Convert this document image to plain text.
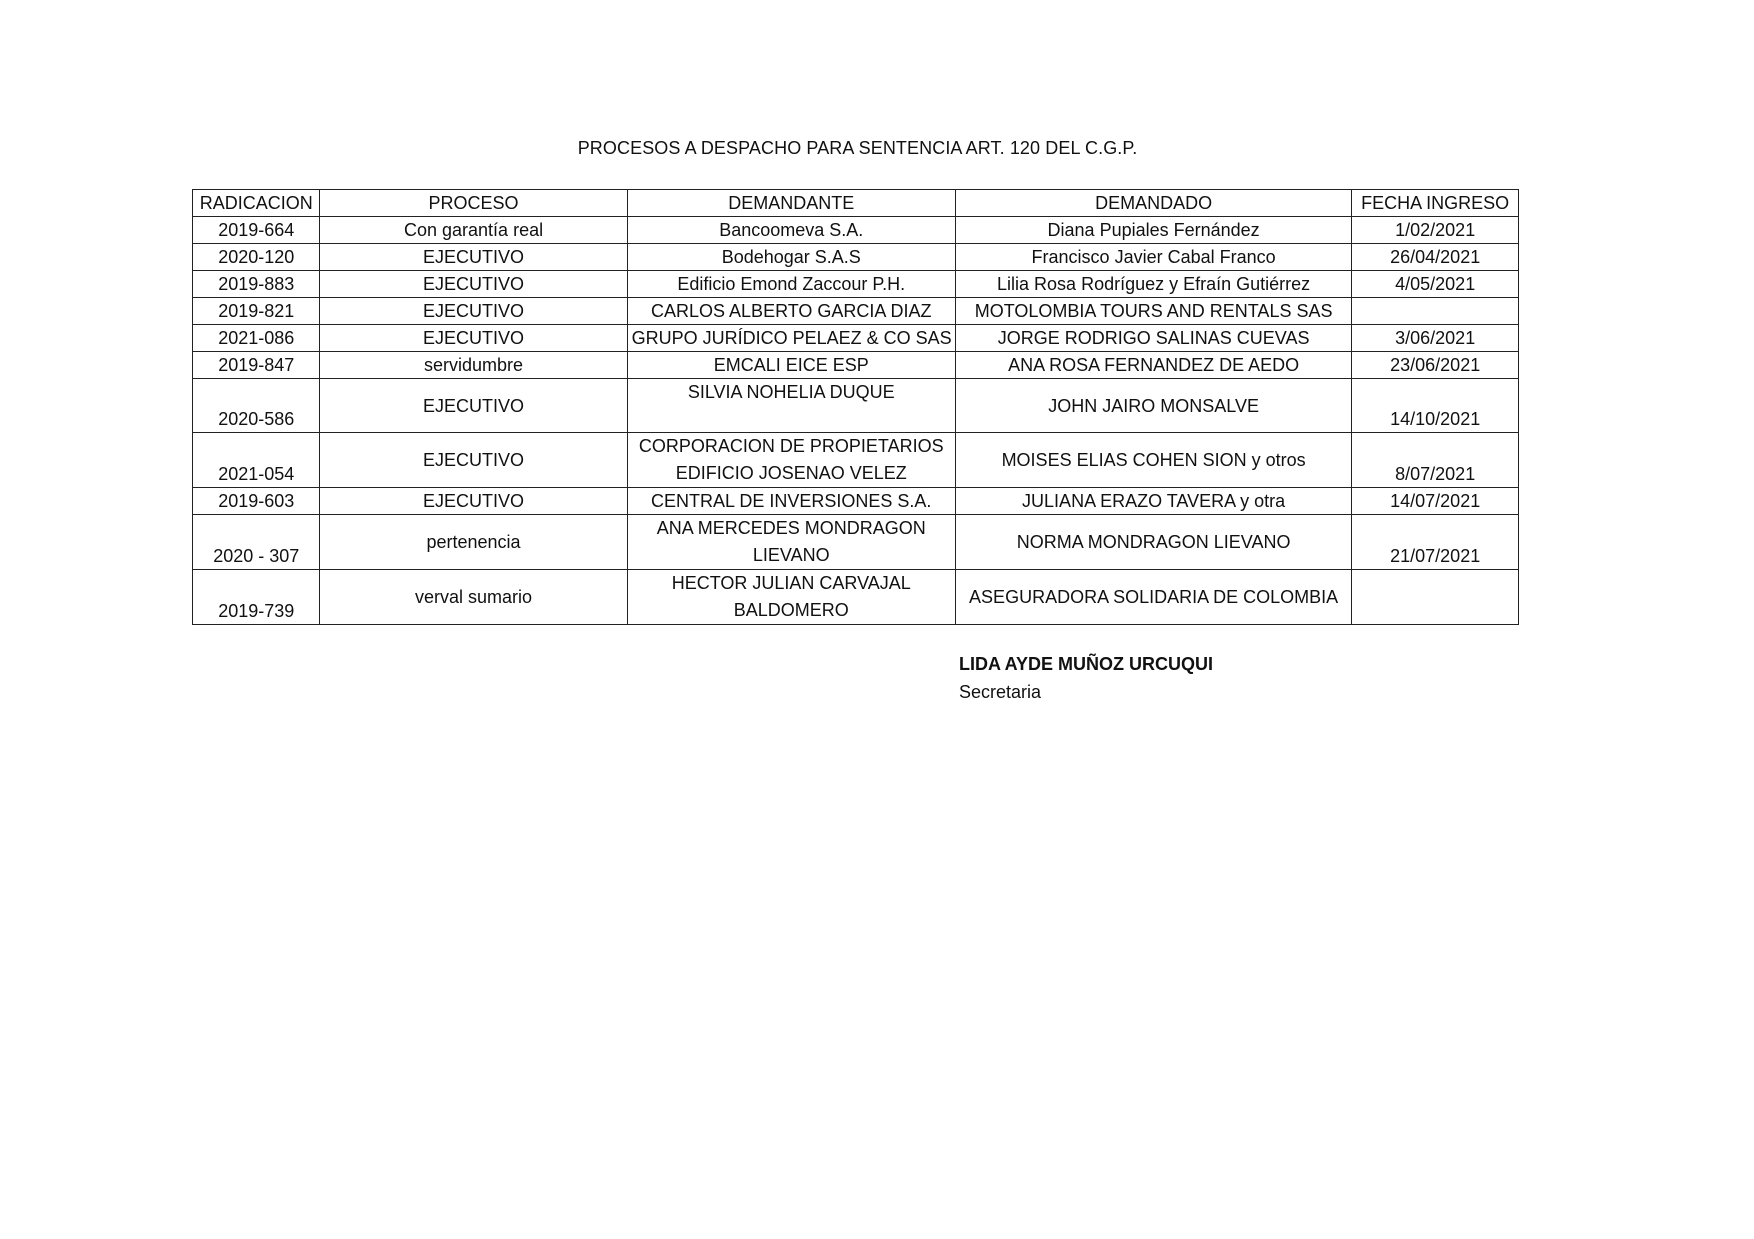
PROCESOS A DESPACHO PARA SENTENCIA ART. 120 DEL C.G.P.
RADICACION	PROCESO	DEMANDANTE	DEMANDADO	FECHA INGRESO
2019-664	Con garantía real	Bancoomeva S.A.	Diana Pupiales Fernández	1/02/2021
2020-120	EJECUTIVO	Bodehogar S.A.S	Francisco Javier Cabal Franco	26/04/2021
2019-883	EJECUTIVO	Edificio Emond Zaccour P.H.	Lilia Rosa Rodríguez y Efraín Gutiérrez	4/05/2021
2019-821	EJECUTIVO	CARLOS ALBERTO GARCIA DIAZ	MOTOLOMBIA TOURS AND RENTALS SAS	
2021-086	EJECUTIVO	GRUPO JURÍDICO PELAEZ & CO SAS	JORGE RODRIGO SALINAS CUEVAS	3/06/2021
2019-847	servidumbre	EMCALI EICE ESP	ANA ROSA FERNANDEZ DE AEDO	23/06/2021
2020-586	EJECUTIVO	SILVIA NOHELIA DUQUE	JOHN JAIRO MONSALVE	14/10/2021
2021-054	EJECUTIVO	CORPORACION DE PROPIETARIOS EDIFICIO JOSENAO VELEZ	MOISES ELIAS COHEN SION y otros	8/07/2021
2019-603	EJECUTIVO	CENTRAL DE INVERSIONES S.A.	JULIANA ERAZO TAVERA y otra	14/07/2021
2020 - 307	pertenencia	ANA MERCEDES MONDRAGON LIEVANO	NORMA MONDRAGON LIEVANO	21/07/2021
2019-739	verval sumario	HECTOR JULIAN CARVAJAL BALDOMERO	ASEGURADORA SOLIDARIA DE COLOMBIA	
LIDA AYDE MUÑOZ URCUQUI
Secretaria
